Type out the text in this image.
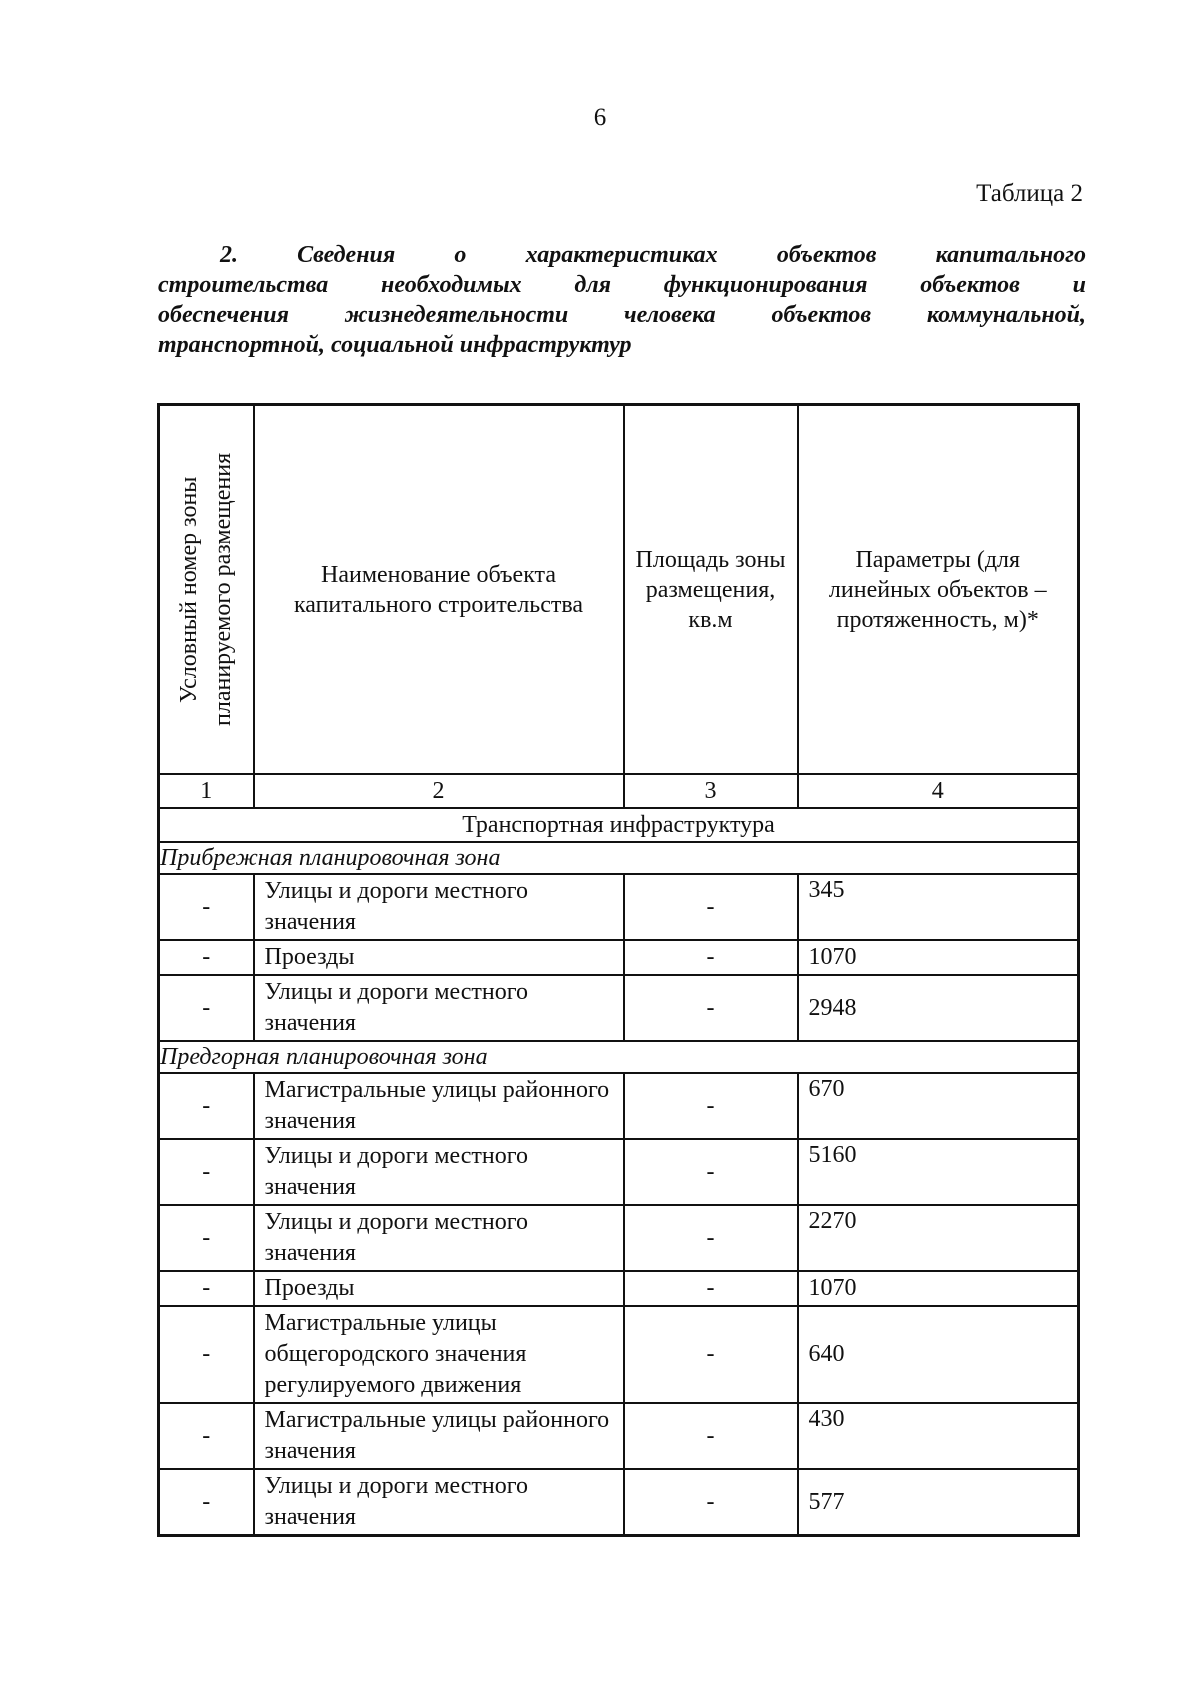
6
Таблица 2
2. Сведения о характеристиках объектов капитального
строительства необходимых для функционирования объектов и
обеспечения жизнедеятельности человека объектов коммунальной,
транспортной, социальной инфраструктур
Условный номер зоны планируемого размещения	Наименование объекта капитального строительства	Площадь зоны размещения, кв.м	Параметры (для линейных объектов – протяженность, м)*

1	2	3	4
Транспортная инфраструктура			
Прибрежная планировочная зона			
-	Улицы и дороги местного значения	-	345
-	Проезды	-	1070
-	Улицы и дороги местного значения	-	2948
Предгорная планировочная зона			
-	Магистральные улицы районного значения	-	670
-	Улицы и дороги местного значения	-	5160
-	Улицы и дороги местного значения	-	2270
-	Проезды	-	1070
-	Магистральные улицы общегородского значения регулируемого движения	-	640
-	Магистральные улицы районного значения	-	430
-	Улицы и дороги местного значения	-	577
